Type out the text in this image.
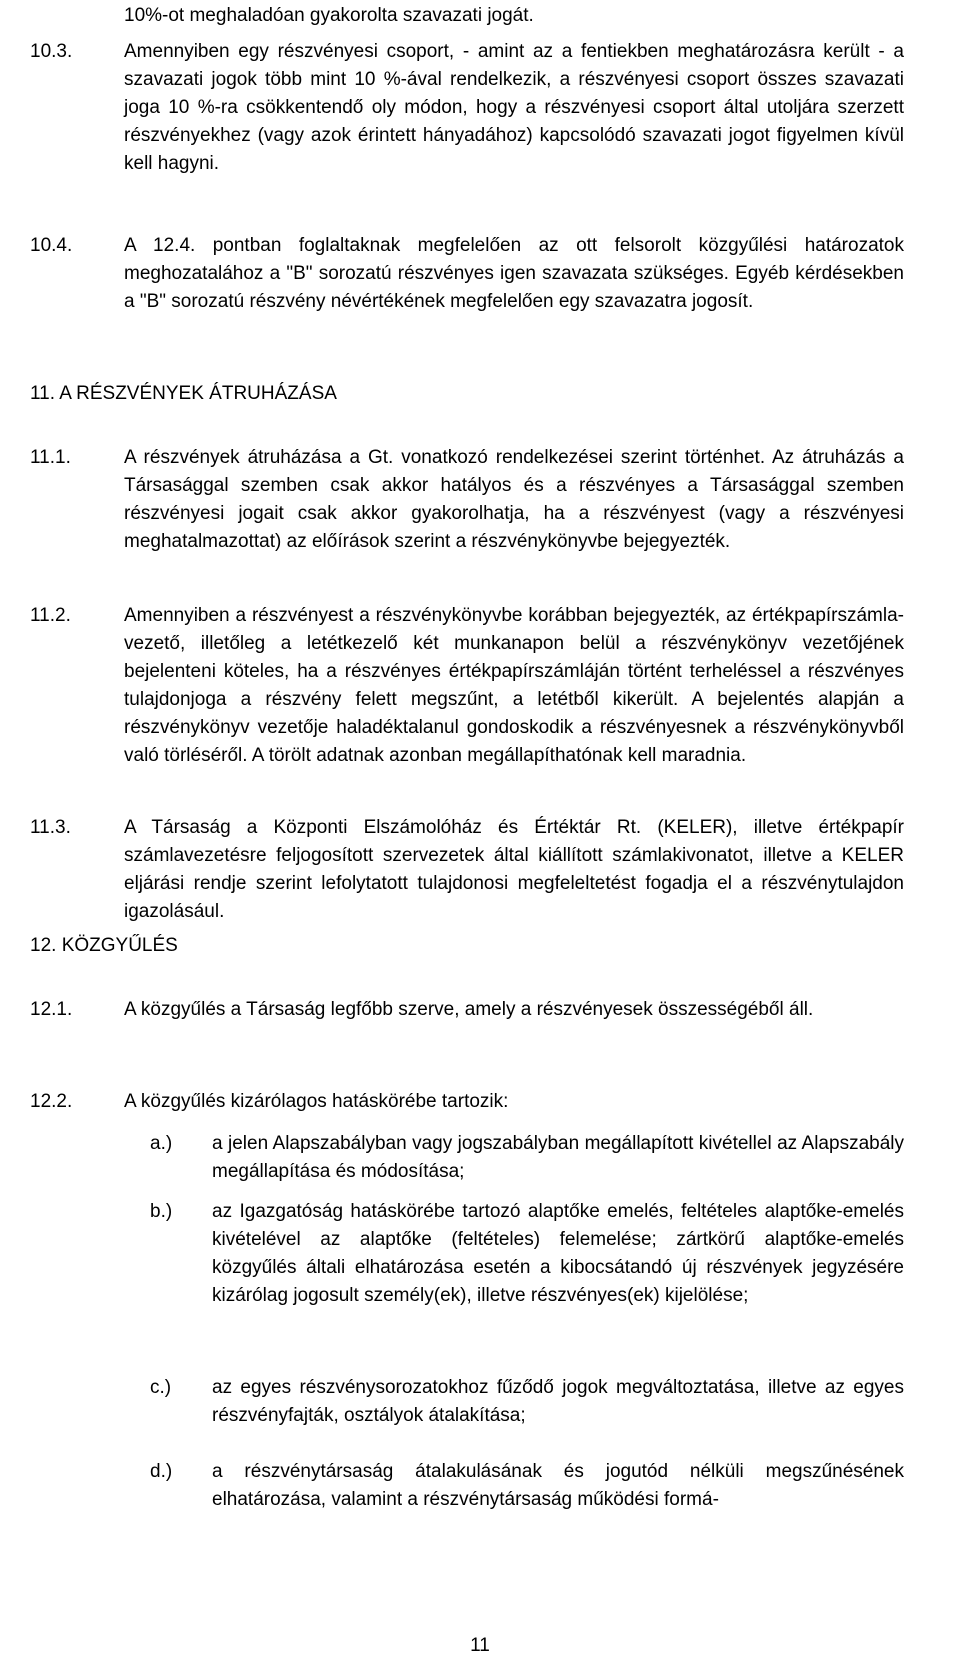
10%-ot meghaladóan gyakorolta szavazati jogát.
10.3.	Amennyiben egy részvényesi csoport, - amint az a fentiekben meghatározásra került - a szavazati jogok több mint 10 %-ával rendelkezik, a részvényesi csoport összes szavazati joga 10 %-ra csökkentendő oly módon, hogy a részvényesi csoport által utoljára szerzett részvényekhez (vagy azok érintett hányadához) kapcsolódó szavazati jogot figyelmen kívül kell hagyni.
10.4.	A 12.4. pontban foglaltaknak megfelelően az ott felsorolt közgyűlési határozatok meghozatalához a "B" sorozatú részvényes igen szavazata szükséges. Egyéb kérdésekben a "B" sorozatú részvény névértékének megfelelően egy szavazatra jogosít.
11. A RÉSZVÉNYEK ÁTRUHÁZÁSA
11.1.	A részvények átruházása a Gt. vonatkozó rendelkezései szerint történhet. Az átruházás a Társasággal szemben csak akkor hatályos és a részvényes a Társasággal szemben részvényesi jogait csak akkor gyakorolhatja, ha a részvényest (vagy a részvényesi meghatalmazottat) az előírások szerint a részvénykönyvbe bejegyezték.
11.2.	Amennyiben a részvényest a részvénykönyvbe korábban bejegyezték, az értékpapírszámla-vezető, illetőleg a letétkezelő két munkanapon belül a részvénykönyv vezetőjének bejelenteni köteles, ha a részvényes értékpapírszámláján történt terheléssel a részvényes tulajdonjoga a részvény felett megszűnt, a letétből kikerült. A bejelentés alapján a részvénykönyv vezetője haladéktalanul gondoskodik a részvényesnek a részvénykönyvből való törléséről. A törölt adatnak azonban megállapíthatónak kell maradnia.
11.3.	A Társaság a Központi Elszámolóház és Értéktár Rt. (KELER), illetve értékpapír számlavezetésre feljogosított szervezetek által kiállított számlakivonatot, illetve a KELER eljárási rendje szerint lefolytatott tulajdonosi megfeleltetést fogadja el a részvénytulajdon igazolásául.
12. KÖZGYŰLÉS
12.1.	A közgyűlés a Társaság legfőbb szerve, amely a részvényesek összességéből áll.
12.2.	A közgyűlés kizárólagos hatáskörébe tartozik:
a.) a jelen Alapszabályban vagy jogszabályban megállapított kivétellel az Alapszabály megállapítása és módosítása;
b.) az Igazgatóság hatáskörébe tartozó alaptőke emelés, feltételes alaptőke-emelés kivételével az alaptőke (feltételes) felemelése; zártkörű alaptőke-emelés közgyűlés általi elhatározása esetén a kibocsátandó új részvények jegyzésére kizárólag jogosult személy(ek), illetve részvényes(ek) kijelölése;
c.) az egyes részvénysorozatokhoz fűződő jogok megváltoztatása, illetve az egyes részvényfajták, osztályok átalakítása;
d.) a részvénytársaság átalakulásának és jogutód nélküli megszűnésének elhatározása, valamint a részvénytársaság működési formá-
11
